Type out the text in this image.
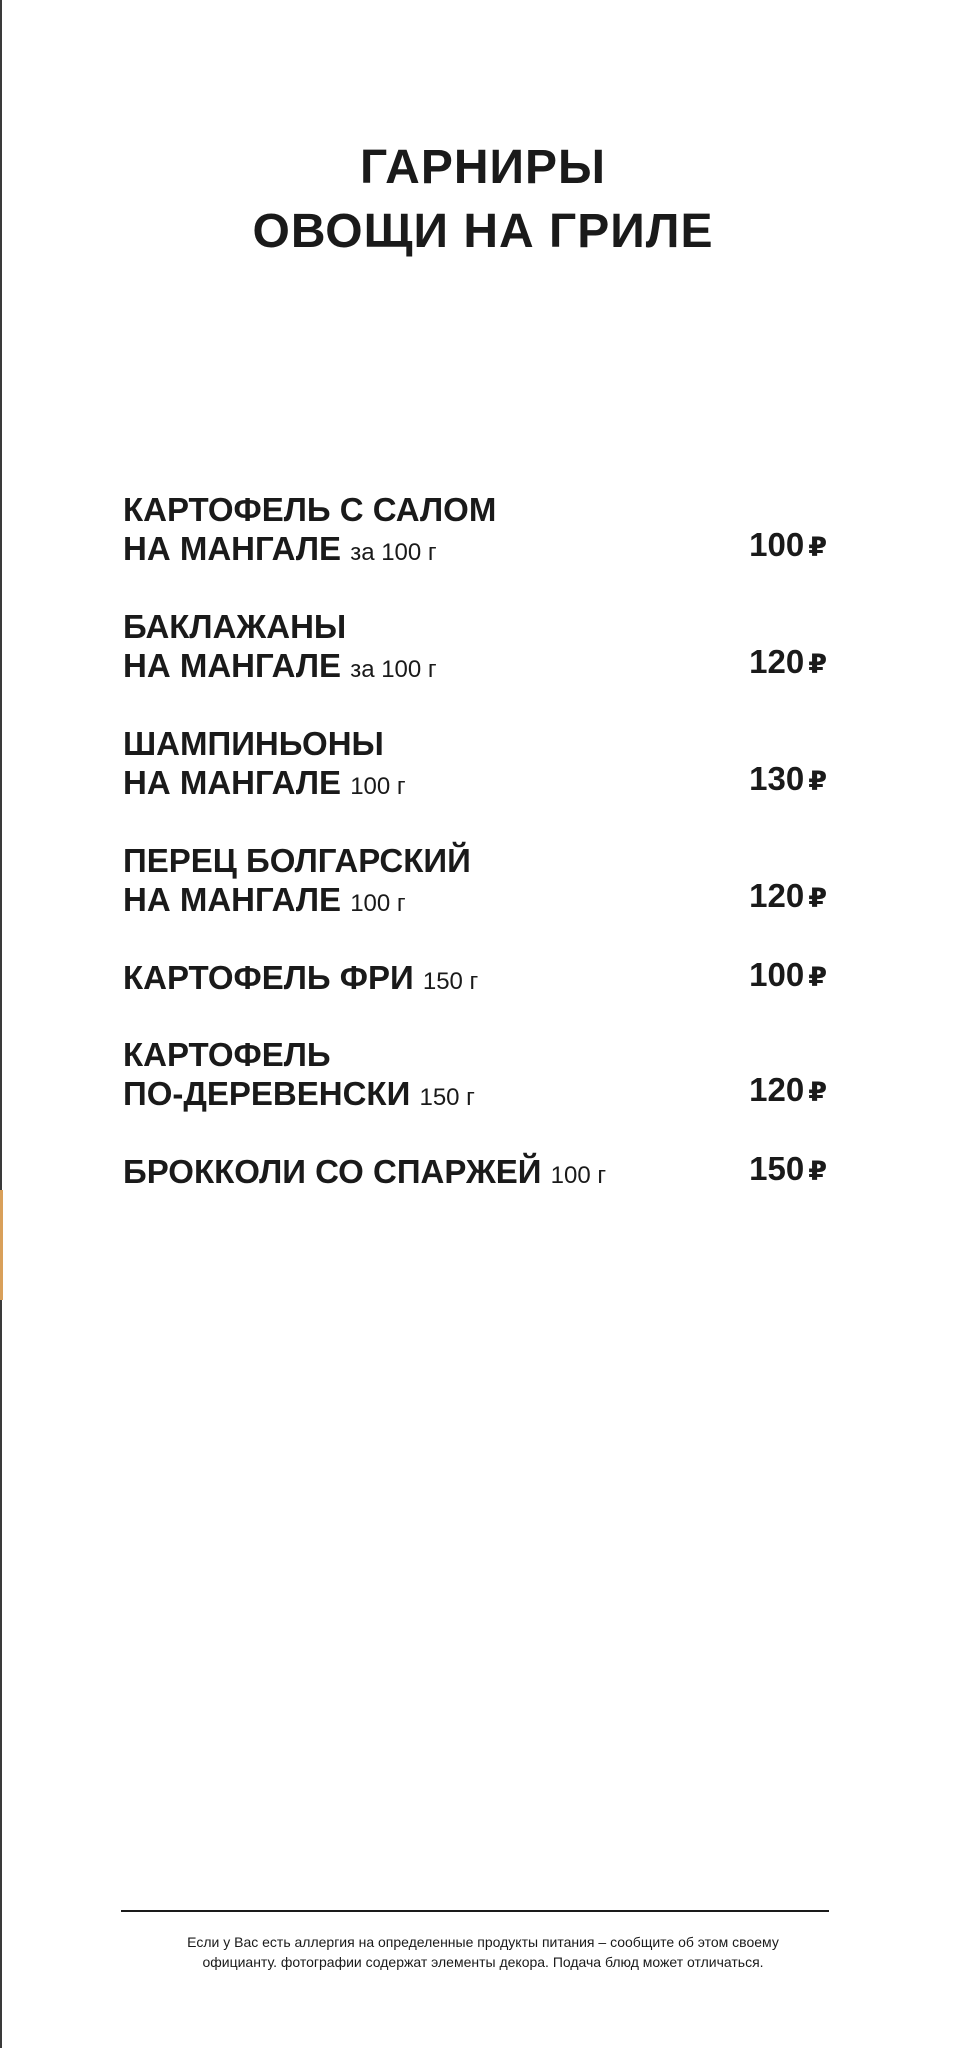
ГАРНИРЫ
ОВОЩИ НА ГРИЛЕ
КАРТОФЕЛЬ С САЛОМ
НА МАНГАЛЕ за 100 г	100 ₽
БАКЛАЖАНЫ
НА МАНГАЛЕ за 100 г	120 ₽
ШАМПИНЬОНЫ
НА МАНГАЛЕ 100 г	130 ₽
ПЕРЕЦ БОЛГАРСКИЙ
НА МАНГАЛЕ 100 г	120 ₽
КАРТОФЕЛЬ ФРИ 150 г	100 ₽
КАРТОФЕЛЬ
ПО-ДЕРЕВЕНСКИ 150 г	120 ₽
БРОККОЛИ СО СПАРЖЕЙ 100 г	150 ₽
Если у Вас есть аллергия на определенные продукты питания – сообщите об этом своему
официанту. фотографии содержат элементы декора. Подача блюд может отличаться.
